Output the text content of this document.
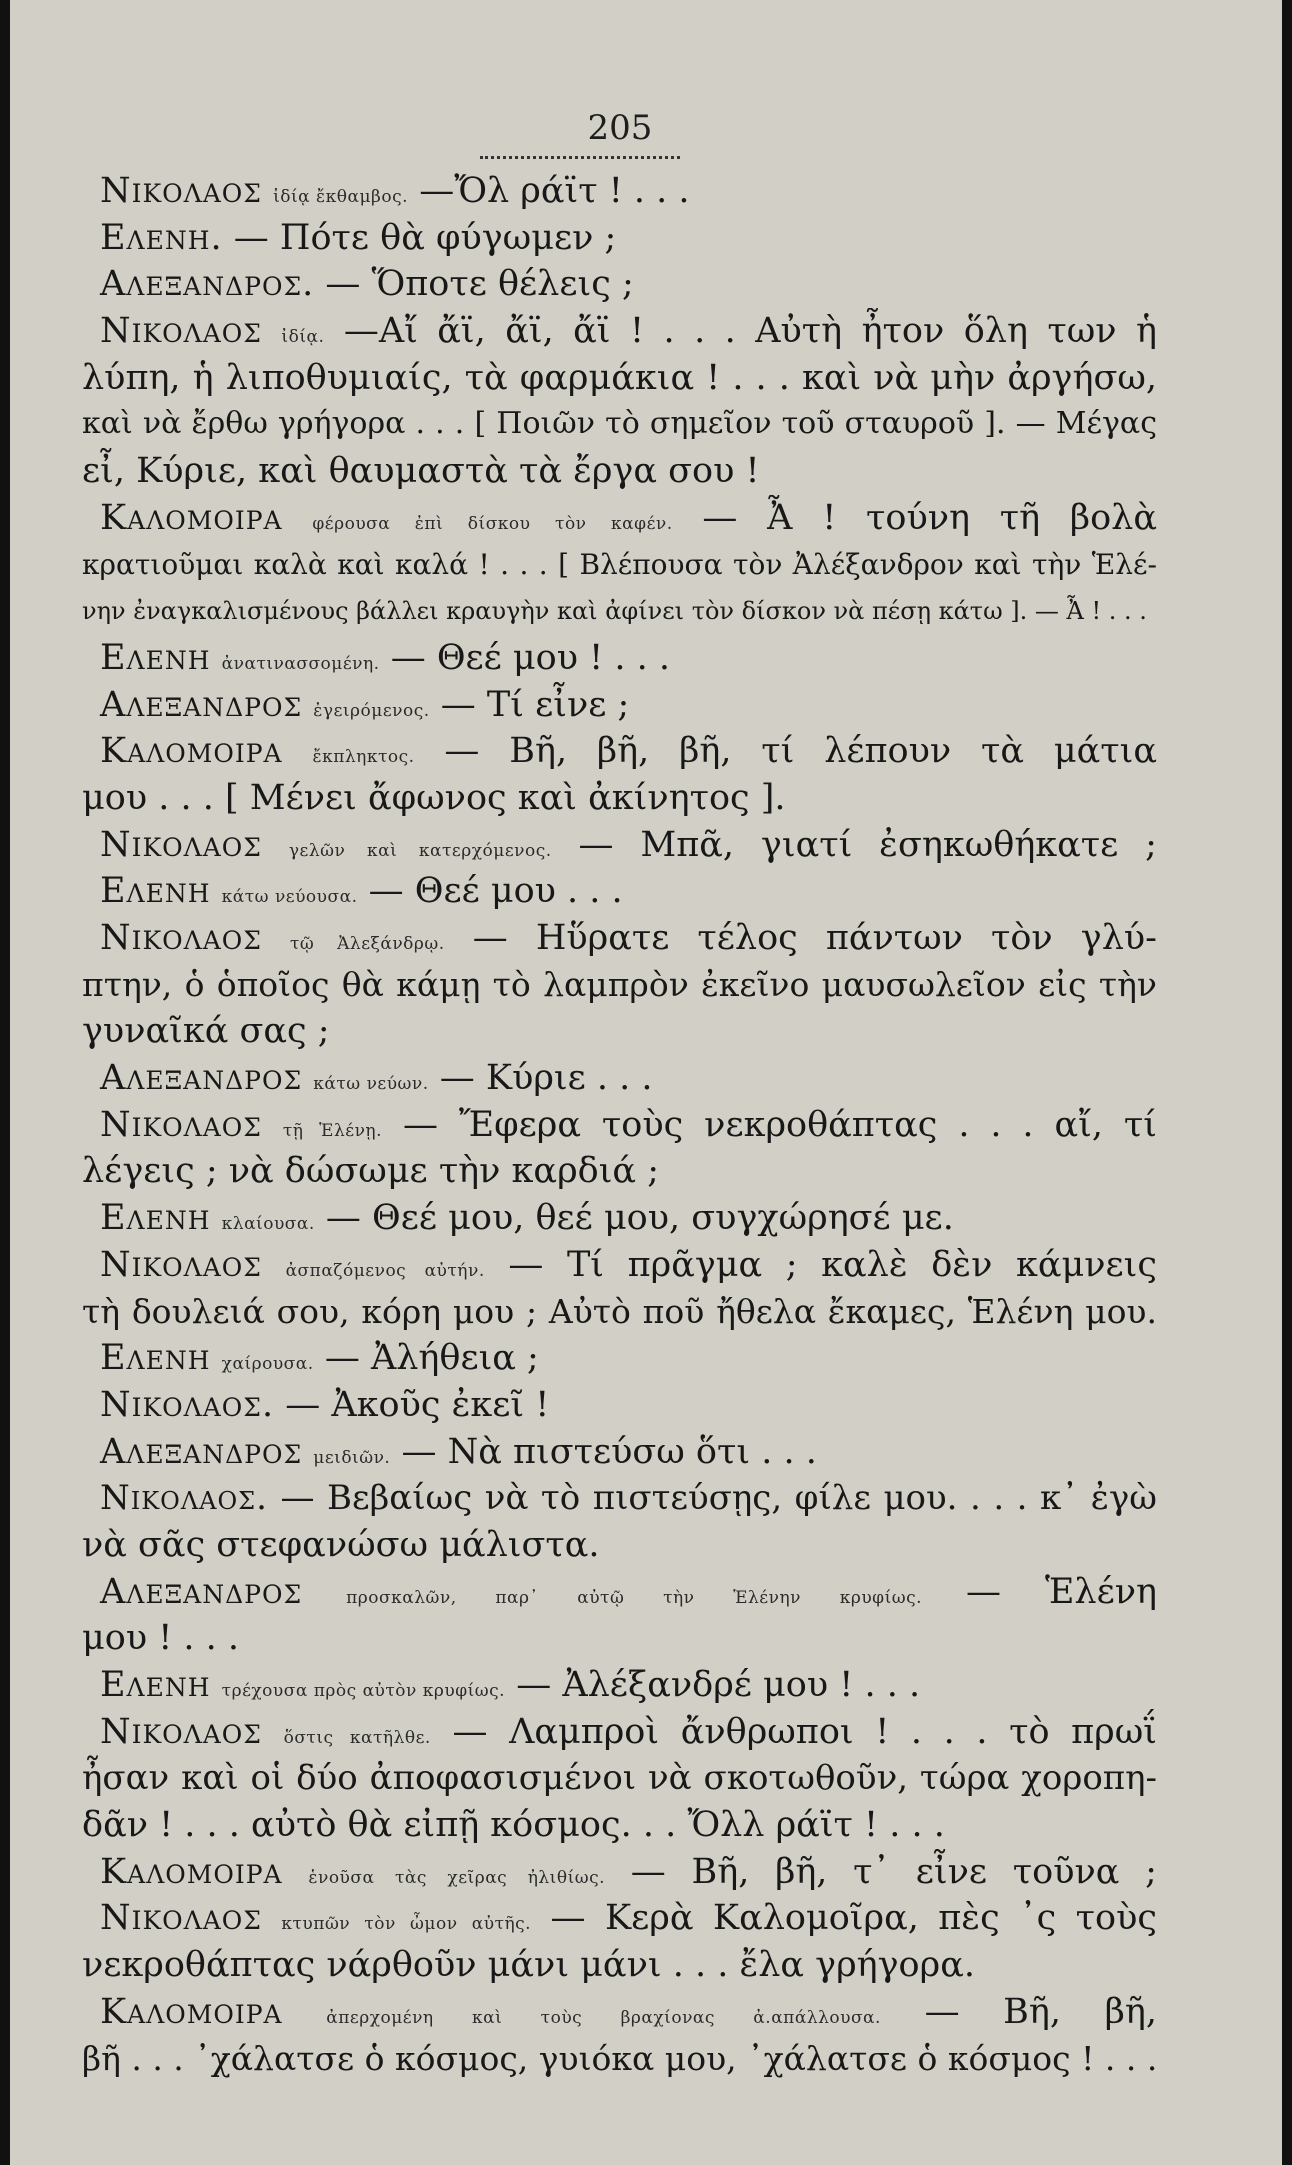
205
Νικολαος ἰδίᾳ ἔκθαμβος. —Ὄλ ράϊτ ! . . .
Ελενη. — Πότε θὰ φύγωμεν ;
Αλεξανδρος. — Ὅποτε θέλεις ;
Νικολαος ἰδίᾳ. —Αἴ ἄϊ, ἄϊ, ἄϊ ! . . . Αὐτὴ ἦτον ὅλη των ἡ
λύπη, ἡ λιποθυμιαίς, τὰ φαρμάκια ! . . . καὶ νὰ μὴν ἀργήσω,
καὶ νὰ ἔρθω γρήγορα . . . [ Ποιῶν τὸ σημεῖον τοῦ σταυροῦ ]. — Μέγας
εἶ, Κύριε, καὶ θαυμαστὰ τὰ ἔργα σου !
Καλομοιρα φέρουσα ἐπὶ δίσκου τὸν καφέν. — Ἆ ! τούνη τῆ βολὰ
κρατιοῦμαι καλὰ καὶ καλά ! . . . [ Βλέπουσα τὸν Ἀλέξανδρον καὶ τὴν Ἑλέ-
νην ἐναγκαλισμένους βάλλει κραυγὴν καὶ ἀφίνει τὸν δίσκον νὰ πέσῃ κάτω ]. — Ἆ ! . . .
Ελενη ἀνατινασσομένη. — Θεέ μου ! . . .
Αλεξανδρος ἐγειρόμενος. — Τί εἶνε ;
Καλομοιρα ἔκπληκτος. — Βῆ, βῆ, βῆ, τί λέπουν τὰ μάτια
μου . . . [ Μένει ἄφωνος καὶ ἀκίνητος ].
Νικολαος γελῶν καὶ κατερχόμενος. — Μπᾶ, γιατί ἐσηκωθήκατε ;
Ελενη κάτω νεύουσα. — Θεέ μου . . .
Νικολαος τῷ Ἀλεξάνδρῳ. — Ηὕρατε τέλος πάντων τὸν γλύ-
πτην, ὁ ὁποῖος θὰ κάμῃ τὸ λαμπρὸν ἐκεῖνο μαυσωλεῖον εἰς τὴν
γυναῖκά σας ;
Αλεξανδρος κάτω νεύων. — Κύριε . . .
Νικολαος τῇ Ἑλένῃ. — Ἔφερα τοὺς νεκροθάπτας . . . αἴ, τί
λέγεις ; νὰ δώσωμε τὴν καρδιά ;
Ελενη κλαίουσα. — Θεέ μου, θεέ μου, συγχώρησέ με.
Νικολαος ἀσπαζόμενος αὐτήν. — Τί πρᾶγμα ; καλὲ δὲν κάμνεις
τὴ δουλειά σου, κόρη μου ; Αὐτὸ ποῦ ἤθελα ἔκαμες, Ἑλένη μου.
Ελενη χαίρουσα. — Ἀλήθεια ;
Νικολαος. — Ἀκοῦς ἐκεῖ !
Αλεξανδρος μειδιῶν. — Νὰ πιστεύσω ὅτι . . .
Νικολαος. — Βεβαίως νὰ τὸ πιστεύσῃς, φίλε μου. . . . κ᾿ ἐγὼ
νὰ σᾶς στεφανώσω μάλιστα.
Αλεξανδρος	προσκαλῶν, παρ᾿ αὐτῷ τὴν Ἑλένην κρυφίως. — Ἑλένη
μου ! . . .
Ελενη τρέχουσα πρὸς αὐτὸν κρυφίως. — Ἀλέξανδρέ μου ! . . .
Νικολαος ὅστις κατῆλθε. — Λαμπροὶ ἄνθρωποι ! . . . τὸ πρωΐ
ἦσαν καὶ οἱ δύο ἀποφασισμένοι νὰ σκοτωθοῦν, τώρα χοροπη-
δᾶν ! . . . αὐτὸ θὰ εἰπῇ κόσμος. . . Ὄλλ ράϊτ ! . . .
Καλομοιρα ἑνοῦσα τὰς χεῖρας ἠλιθίως. — Βῆ, βῆ, τ᾿ εἶνε τοῦνα ;
Νικολαος κτυπῶν τὸν ὦμον αὐτῆς. — Κερὰ Καλομοῖρα, πὲς ᾿ς τοὺς
νεκροθάπτας νάρθοῦν μάνι μάνι . . . ἔλα γρήγορα.
Καλομοιρα	ἀπερχομένη καὶ τοὺς βραχίονας ἀ.απάλλουσα. — Βῆ, βῆ,
βῆ . . . ᾿χάλατσε ὁ κόσμος, γυιόκα μου, ᾿χάλατσε ὁ κόσμος ! . . .
